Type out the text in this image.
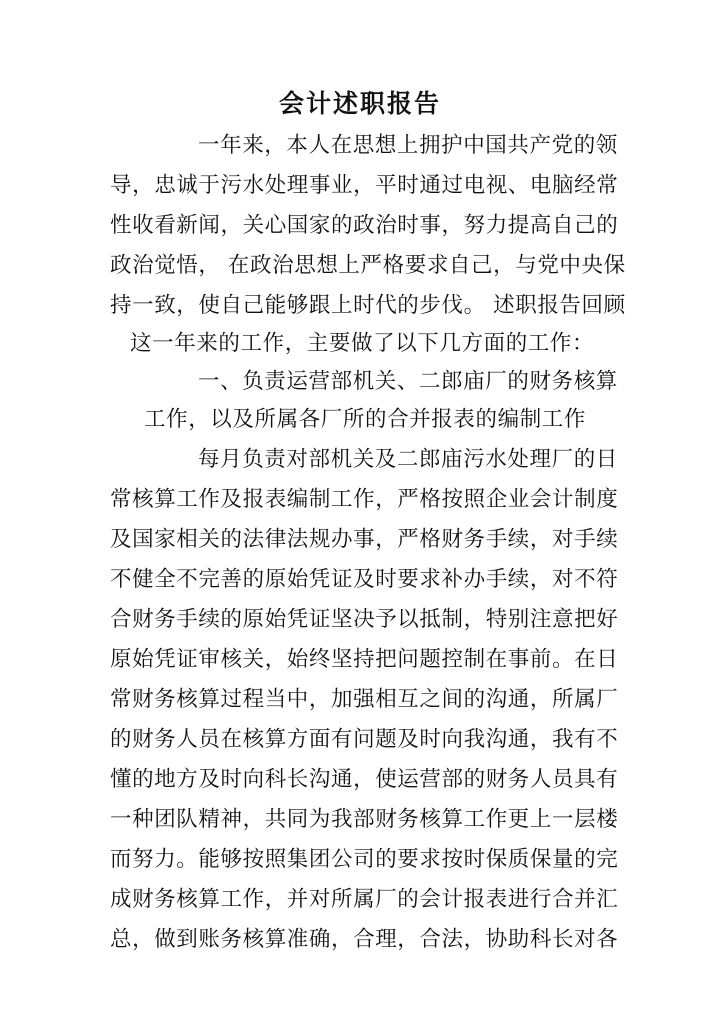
会计述职报告
一年来，本人在思想上拥护中国共产党的领
导，忠诚于污水处理事业，平时通过电视、电脑经常
性收看新闻，关心国家的政治时事，努力提高自己的
政治觉悟， 在政治思想上严格要求自己，与党中央保
持一致，使自己能够跟上时代的步伐。 述职报告回顾
这一年来的工作，主要做了以下几方面的工作：
一、负责运营部机关、二郎庙厂的财务核算
工作，以及所属各厂所的合并报表的编制工作
每月负责对部机关及二郎庙污水处理厂的日
常核算工作及报表编制工作，严格按照企业会计制度
及国家相关的法律法规办事，严格财务手续，对手续
不健全不完善的原始凭证及时要求补办手续，对不符
合财务手续的原始凭证坚决予以抵制，特别注意把好
原始凭证审核关，始终坚持把问题控制在事前。在日
常财务核算过程当中，加强相互之间的沟通，所属厂
的财务人员在核算方面有问题及时向我沟通，我有不
懂的地方及时向科长沟通，使运营部的财务人员具有
一种团队精神，共同为我部财务核算工作更上一层楼
而努力。能够按照集团公司的要求按时保质保量的完
成财务核算工作，并对所属厂的会计报表进行合并汇
总，做到账务核算准确，合理，合法，协助科长对各
